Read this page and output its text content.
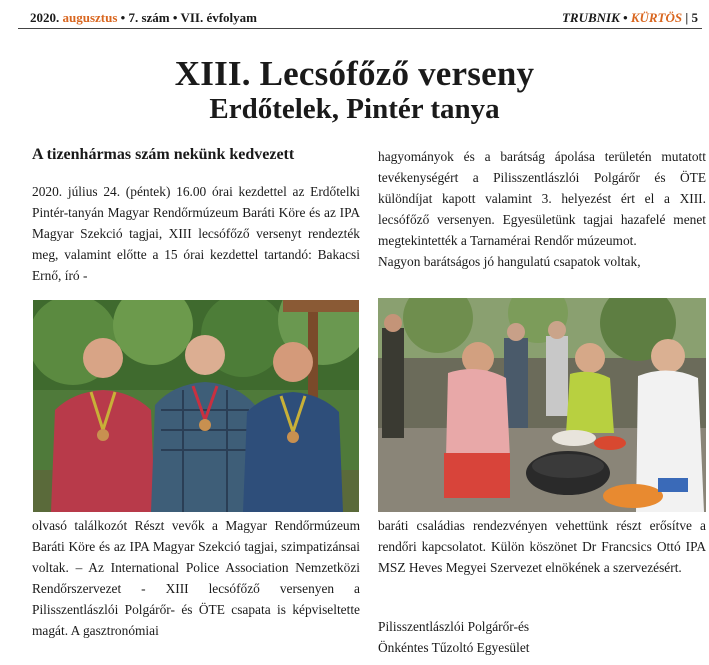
2020. augusztus • 7. szám • VII. évfolyam	TRUBNIK • KÜRTÖS | 5
XIII. Lecsófőző verseny
Erdőtelek, Pintér tanya
A tizenhármas szám nekünk kedvezett

2020. július 24. (péntek) 16.00 órai kezdettel az Erdőtelki Pintér-tanyán Magyar Rendőrmúzeum Baráti Köre és az IPA Magyar Szekció tagjai, XIII lecsófőző versenyt rendezték meg, valamint előtte a 15 órai kezdettel tartandó: Bakacsi Ernő, író -

olvasó találkozót Részt vevők a Magyar Rendőrmúzeum Baráti Köre és az IPA Magyar Szekció tagjai, szimpatizánsai voltak. – Az International Police Association Nemzetközi Rendőrszervezet - XIII lecsófőző versenyen a Pilisszentlászlói Polgárőr- és ÖTE csapata is képviseltette magát. A gasztronómiai

hagyományok és a barátság ápolása területén mutatott tevékenységért a Pilisszentlászlói Polgárőr és ÖTE különdíjat kapott valamint 3. helyezést ért el a XIII. lecsófőző versenyen. Egyesületünk tagjai hazafelé menet megtekintették a Tarnamérai Rendőr múzeumot.

Nagyon barátságos jó hangulatú csapatok voltak,

baráti családias rendezvényen vehettünk részt erősítve a rendőri kapcsolatot. Külön köszönet Dr Francsics Ottó IPA MSZ Heves Megyei Szervezet elnökének a szervezésért.

Pilisszentlászlói Polgárőr-és

Önkéntes Tűzoltó Egyesület
